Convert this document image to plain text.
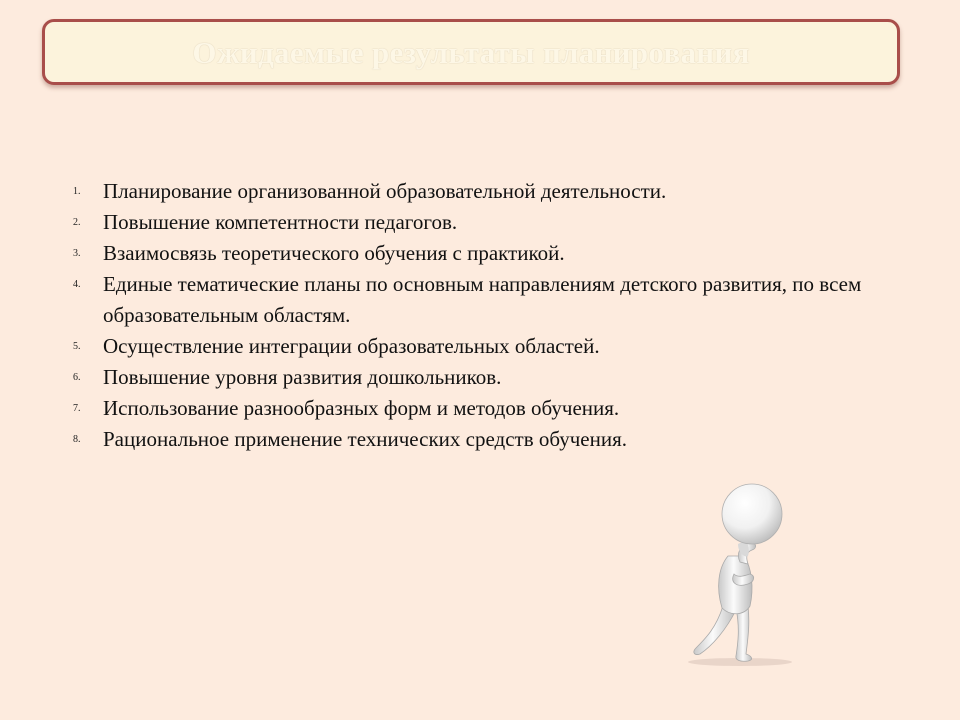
Ожидаемые результаты планирования
1. Планирование организованной образовательной деятельности.
2. Повышение компетентности педагогов.
3. Взаимосвязь теоретического обучения с практикой.
4. Единые тематические планы по основным направлениям детского развития, по всем образовательным областям.
5. Осуществление интеграции образовательных областей.
6. Повышение уровня развития дошкольников.
7. Использование разнообразных форм и методов обучения.
8. Рациональное применение технических средств обучения.
